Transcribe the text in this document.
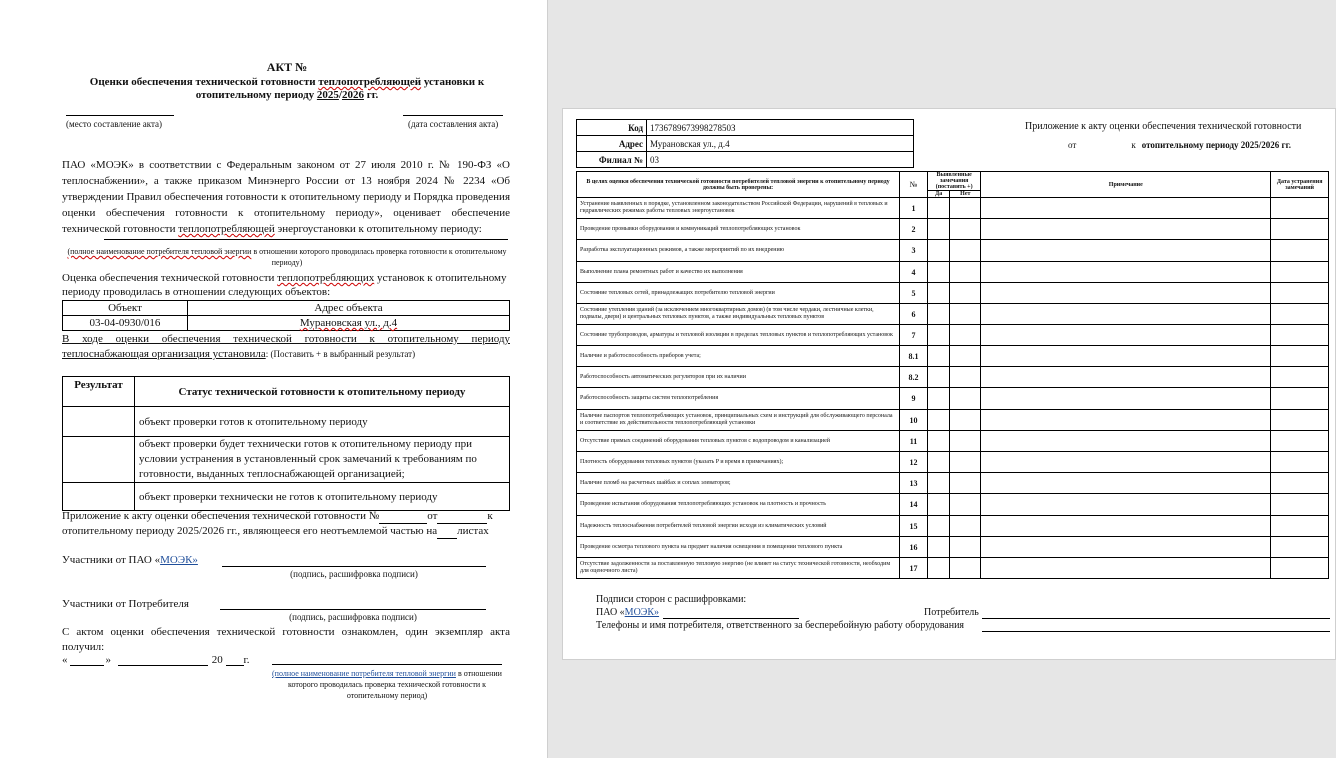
АКТ №
Оценки обеспечения технической готовности теплопотребляющей установки к
отопительному периоду 2025/2026 гг.
(место составление акта)	(дата составления акта)
ПАО «МОЭК» в соответствии с Федеральным законом от 27 июля 2010 г. № 190-ФЗ «О теплоснабжении», а также приказом Минэнерго России от 13 ноября 2024 № 2234 «Об утверждении Правил обеспечения готовности к отопительному периоду и Порядка проведения оценки обеспечения готовности к отопительному периоду», оценивает обеспечение технической готовности теплопотребляющей энергоустановки к отопительному периоду:
(полное наименование потребителя тепловой энергии в отношении которого проводилась проверка готовности к отопительному периоду)
Оценка обеспечения технической готовности теплопотребляющих установок к отопительному периоду проводилась в отношении следующих объектов:
Объект	Адрес объекта
03-04-0930/016	Мурановская ул., д.4
В ходе оценки обеспечения технической готовности к отопительному периоду теплоснабжающая организация установила: (Поставить + в выбранный результат)
Результат	Статус технической готовности к отопительному периоду
	объект проверки готов к отопительному периоду
	объект проверки будет технически готов к отопительному периоду при условии устранения в установленный срок замечаний к требованиям по готовности, выданных теплоснабжающей организацией;
	объект проверки технически не готов к отопительному периоду
Приложение к акту оценки обеспечения технической готовности №	от	к
отопительному периоду 2025/2026 гг., являющееся его неотъемлемой частью на листах
Участники от ПАО «МОЭК»
(подпись, расшифровка подписи)
Участники от Потребителя
(подпись, расшифровка подписи)
С актом оценки обеспечения технической готовности ознакомлен, один экземпляр акта получил:
«	»	20 г.
(полное наименование потребителя тепловой энергии в отношении которого проводилась проверка технической готовности к отопительному период)
Код	173678967399827850З
Адрес	Мурановская ул., д.4
Филиал №	03
Приложение к акту оценки обеспечения технической готовности
от	к отопительному периоду 2025/2026 гг.
В целях оценки обеспечения технической готовности потребителей тепловой энергии к отопительному периоду должны быть проверены:	№	Выявленные замечания (поставить +)		Примечание	Дата устранения замечаний
		Да	Нет		
Устранение выявленных в порядке, установленном законодательством Российской Федерации, нарушений в тепловых и гидравлических режимах работы тепловых энергоустановок	1				
Проведение промывки оборудования и коммуникаций теплопотребляющих установок	2				
Разработка эксплуатационных режимов, а также мероприятий по их внедрению	3				
Выполнение плана ремонтных работ и качество их выполнения	4				
Состояние тепловых сетей, принадлежащих потребителю тепловой энергии	5				
Состояние утепления зданий (за исключением многоквартирных домов) (в том числе чердаки, лестничные клетки, подвалы, двери) и центральных тепловых пунктов, а также индивидуальных тепловых пунктов	6				
Состояние трубопроводов, арматуры и тепловой изоляции в пределах тепловых пунктов и теплопотребляющих установок	7				
Наличие и работоспособность приборов учета;	8.1				
Работоспособность автоматических регуляторов при их наличии	8.2				
Работоспособность защиты систем теплопотребления	9				
Наличие паспортов теплопотребляющих установок, принципиальных схем и инструкций для обслуживающего персонала и соответствие их действительности теплопотребляющей установки	10				
Отсутствие прямых соединений оборудования тепловых пунктов с водопроводом и канализацией	11				
Плотность оборудования тепловых пунктов (указать P и время в примечаниях);	12				
Наличие пломб на расчетных шайбах и соплах элеваторов;	13				
Проведение испытания оборудования теплопотребляющих установок на плотность и прочность	14				
Надежность теплоснабжения потребителей тепловой энергии исходя из климатических условий	15				
Проведение осмотра теплового пункта на предмет наличия освещения в помещении теплового пункта	16				
Отсутствие задолженности за поставленную тепловую энергию (не влияет на статус технической готовности, необходим для оценочного листа)	17				
Подписи сторон с расшифровками:
ПАО «МОЭК»	Потребитель
Телефоны и имя потребителя, ответственного за бесперебойную работу оборудования
